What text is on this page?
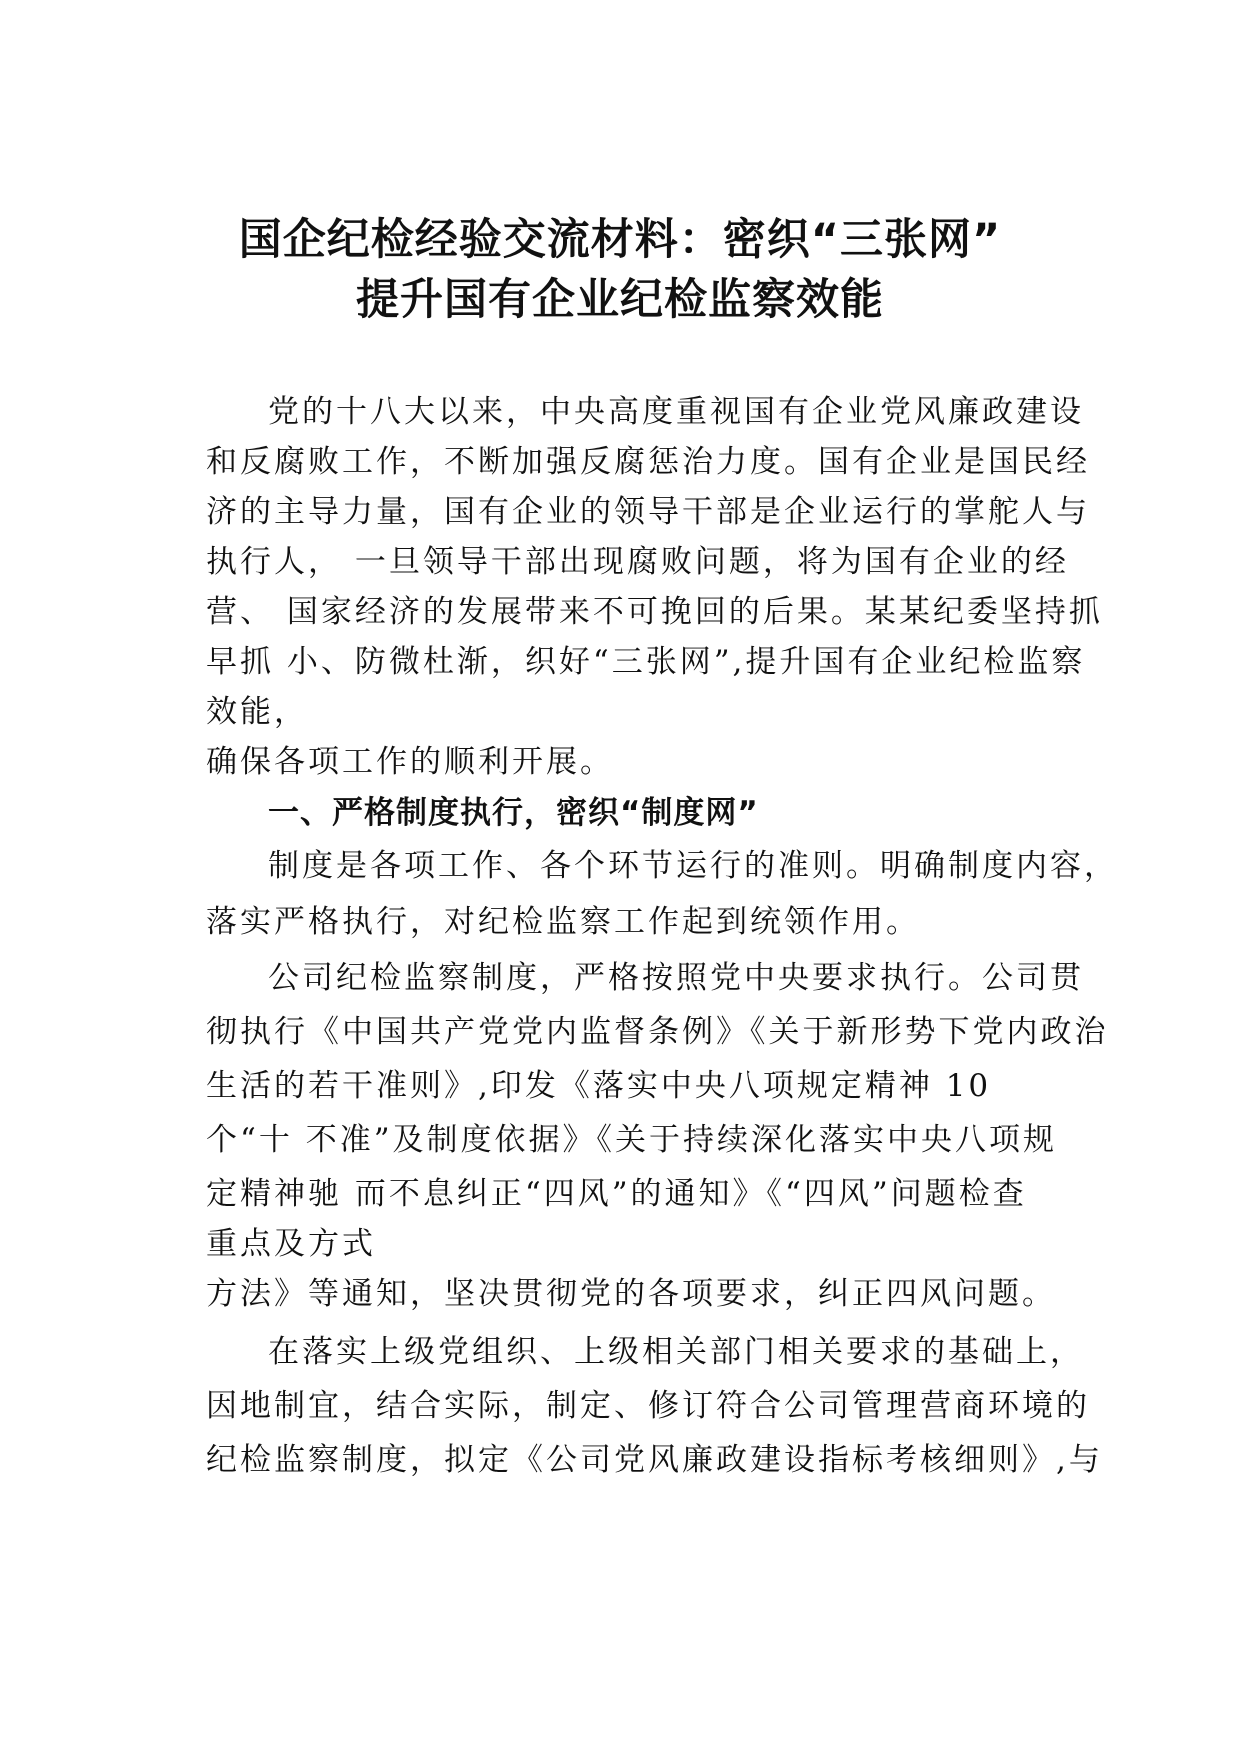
国企纪检经验交流材料：密织“三张网”
提升国有企业纪检监察效能

党的十八大以来，中央高度重视国有企业党风廉政建设

和反腐败工作，不断加强反腐惩治力度。国有企业是国民经

济的主导力量，国有企业的领导干部是企业运行的掌舵人与

执行人， 一旦领导干部出现腐败问题，将为国有企业的经

营、 国家经济的发展带来不可挽回的后果。某某纪委坚持抓

早抓 小、防微杜渐，织好“三张网”,提升国有企业纪检监察

效能，

确保各项工作的顺利开展。

一、严格制度执行，密织“制度网”

制度是各项工作、各个环节运行的准则。明确制度内容，

落实严格执行，对纪检监察工作起到统领作用。

公司纪检监察制度，严格按照党中央要求执行。公司贯

彻执行《中国共产党党内监督条例》《关于新形势下党内政治

生活的若干准则》,印发《落实中央八项规定精神 10

个“十 不准”及制度依据》《关于持续深化落实中央八项规

定精神驰 而不息纠正“四风”的通知》《“四风”问题检查

重点及方式

方法》等通知，坚决贯彻党的各项要求，纠正四风问题。

在落实上级党组织、上级相关部门相关要求的基础上，

因地制宜，结合实际，制定、修订符合公司管理营商环境的

纪检监察制度，拟定《公司党风廉政建设指标考核细则》,与
